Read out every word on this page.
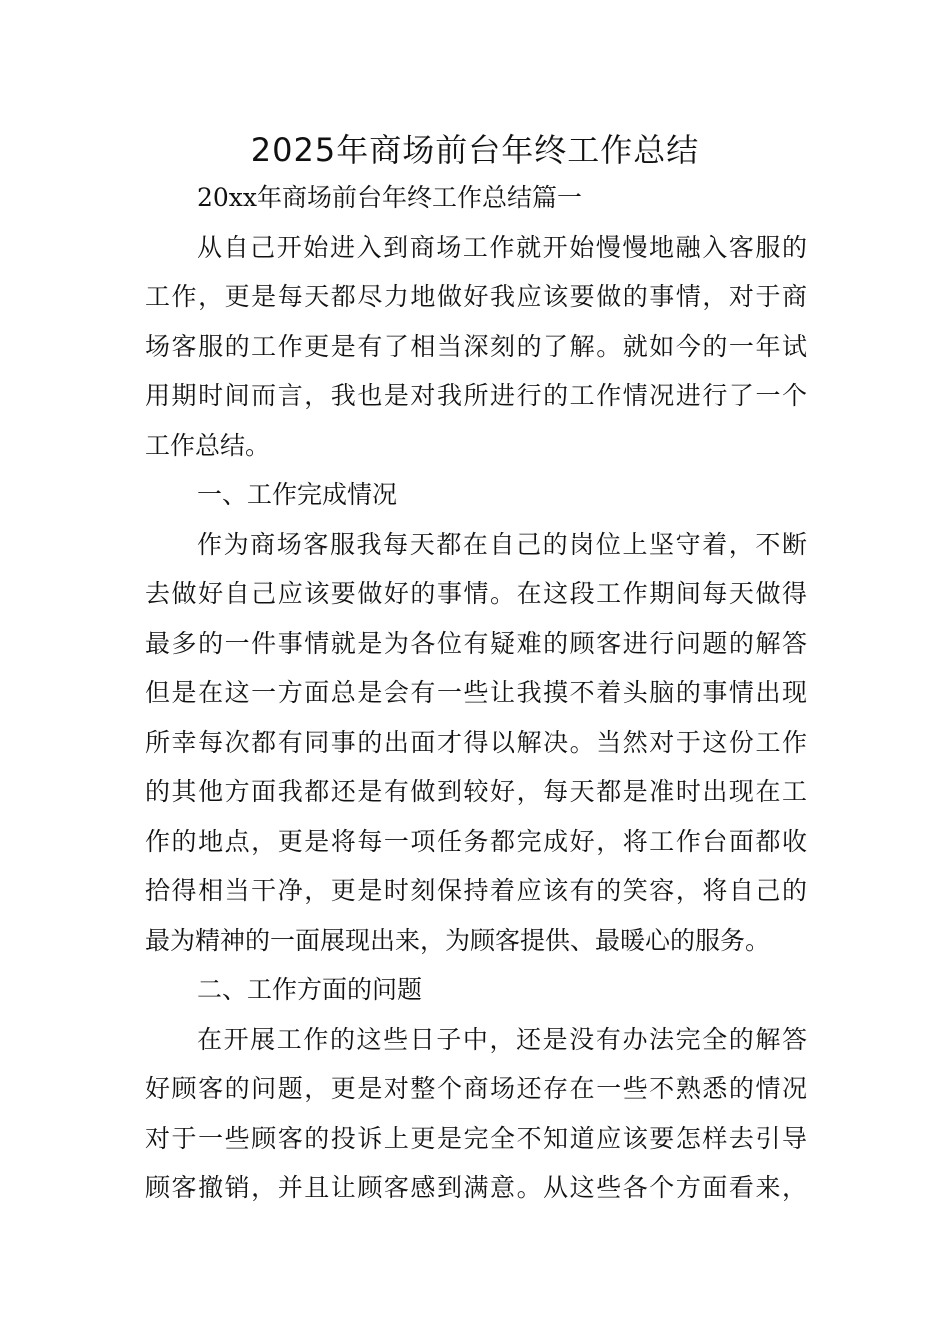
2025年商场前台年终工作总结
20xx年商场前台年终工作总结篇一
从自己开始进入到商场工作就开始慢慢地融入客服的
工作，更是每天都尽力地做好我应该要做的事情，对于商
场客服的工作更是有了相当深刻的了解。就如今的一年试
用期时间而言，我也是对我所进行的工作情况进行了一个
工作总结。
一、工作完成情况
作为商场客服我每天都在自己的岗位上坚守着，不断
去做好自己应该要做好的事情。在这段工作期间每天做得
最多的一件事情就是为各位有疑难的顾客进行问题的解答
但是在这一方面总是会有一些让我摸不着头脑的事情出现
所幸每次都有同事的出面才得以解决。当然对于这份工作
的其他方面我都还是有做到较好，每天都是准时出现在工
作的地点，更是将每一项任务都完成好，将工作台面都收
拾得相当干净，更是时刻保持着应该有的笑容，将自己的
最为精神的一面展现出来，为顾客提供、最暖心的服务。
二、工作方面的问题
在开展工作的这些日子中，还是没有办法完全的解答
好顾客的问题，更是对整个商场还存在一些不熟悉的情况
对于一些顾客的投诉上更是完全不知道应该要怎样去引导
顾客撤销，并且让顾客感到满意。从这些各个方面看来，
